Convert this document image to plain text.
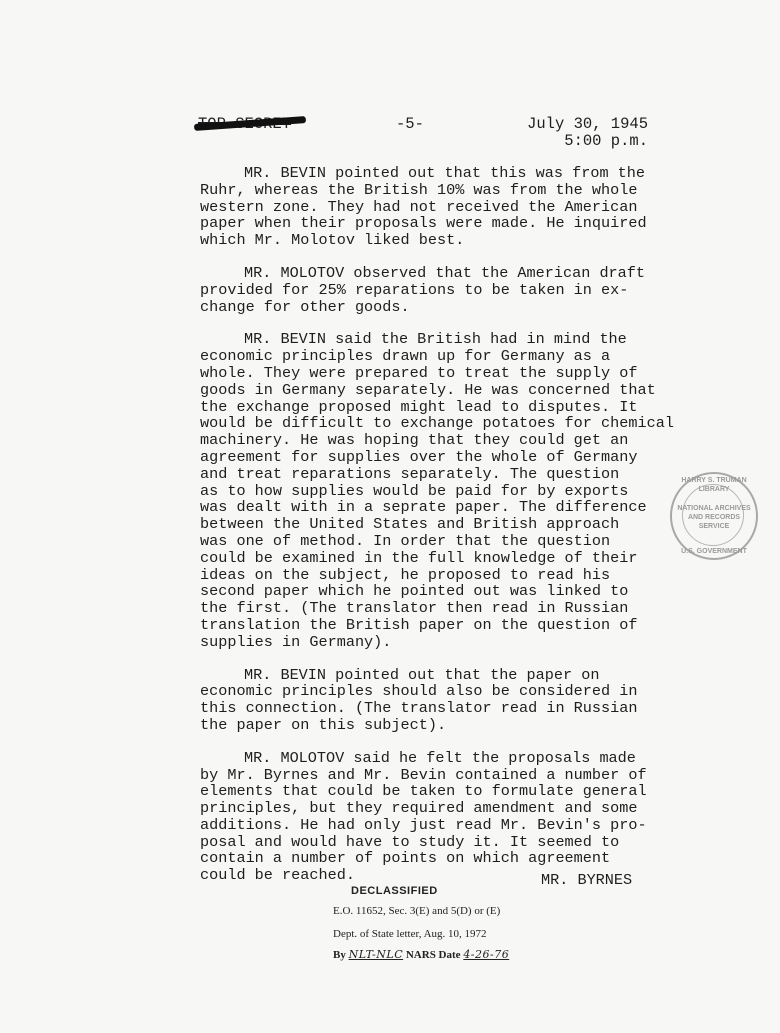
-5-	July 30, 1945
5:00 p.m.

MR. BEVIN pointed out that this was from the
Ruhr, whereas the British 10% was from the whole
western zone. They had not received the American
paper when their proposals were made. He inquired
which Mr. Molotov liked best.

MR. MOLOTOV observed that the American draft
provided for 25% reparations to be taken in ex-
change for other goods.

MR. BEVIN said the British had in mind the
economic principles drawn up for Germany as a
whole. They were prepared to treat the supply of
goods in Germany separately. He was concerned that
the exchange proposed might lead to disputes. It
would be difficult to exchange potatoes for chemical
machinery. He was hoping that they could get an
agreement for supplies over the whole of Germany
and treat reparations separately. The question
as to how supplies would be paid for by exports
was dealt with in a seprate paper. The difference
between the United States and British approach
was one of method. In order that the question
could be examined in the full knowledge of their
ideas on the subject, he proposed to read his
second paper which he pointed out was linked to
the first. (The translator then read in Russian
translation the British paper on the question of
supplies in Germany).

MR. BEVIN pointed out that the paper on
economic principles should also be considered in
this connection. (The translator read in Russian
the paper on this subject).

MR. MOLOTOV said he felt the proposals made
by Mr. Byrnes and Mr. Bevin contained a number of
elements that could be taken to formulate general
principles, but they required amendment and some
additions. He had only just read Mr. Bevin's pro-
posal and would have to study it. It seemed to
contain a number of points on which agreement
could be reached.

HARRY S. TRUMAN LIBRARY
NATIONAL ARCHIVES AND RECORDS SERVICE
U.S. GOVERNMENT
MR. BYRNES
DECLASSIFIED
E.O. 11652, Sec. 3(E) and 5(D) or (E)
Dept. of State letter, Aug. 10, 1972
By NLT-NLC NARS Date 4-26-76
